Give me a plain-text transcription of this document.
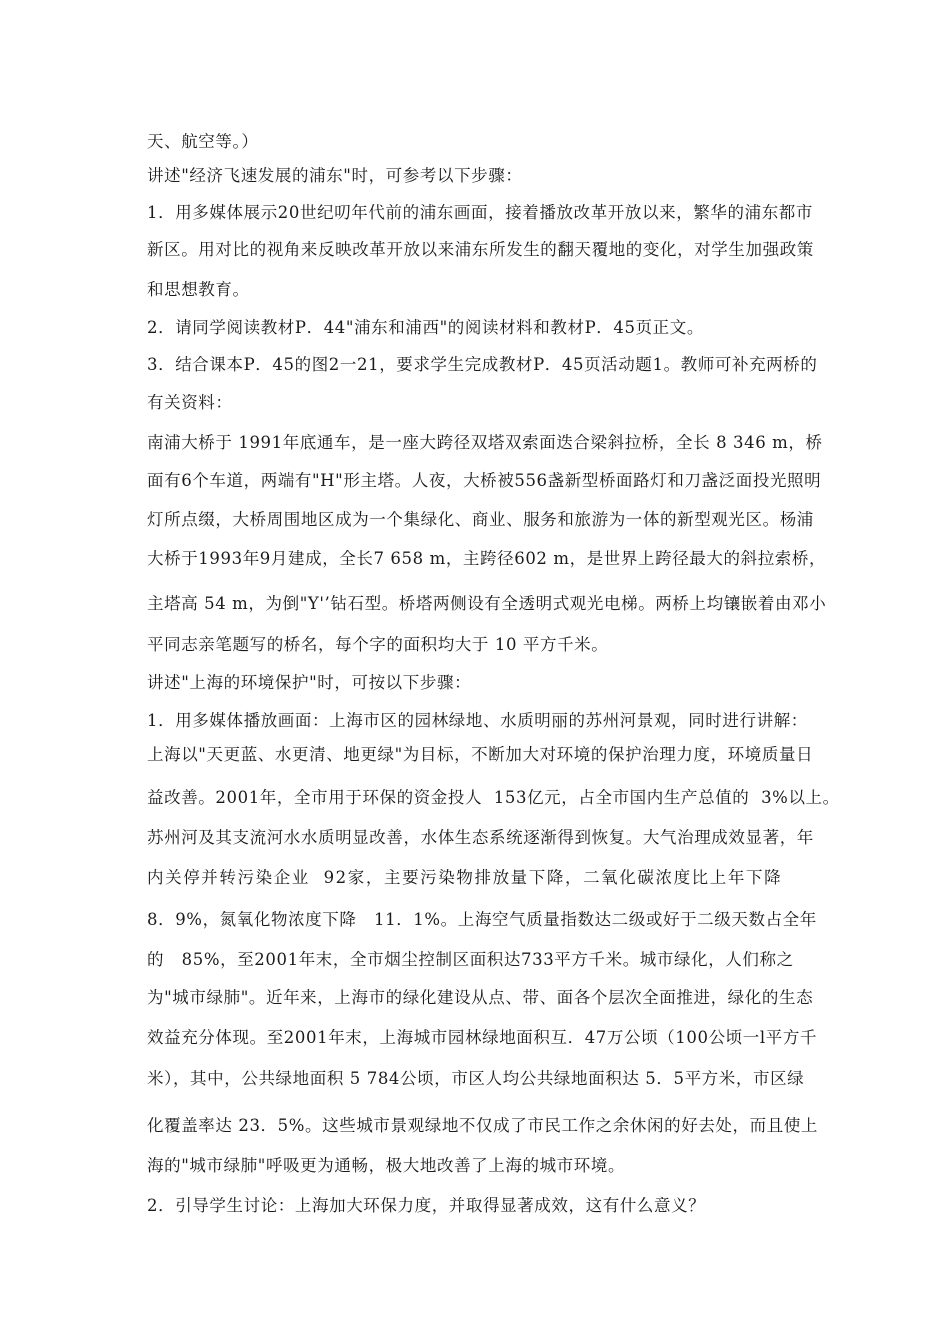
天、航空等。）
讲述"经济飞速发展的浦东"时，可参考以下步骤：
1．用多媒体展示20世纪叨年代前的浦东画面，接着播放改革开放以来，繁华的浦东都市
新区。用对比的视角来反映改革开放以来浦东所发生的翻天覆地的变化，对学生加强政策
和思想教育。
2．请同学阅读教材P．44"浦东和浦西"的阅读材料和教材P．45页正文。
3．结合课本P．45的图2一21，要求学生完成教材P．45页活动题1。教师可补充两桥的
有关资料：
南浦大桥于 1991年底通车，是一座大跨径双塔双索面迭合梁斜拉桥，全长 8 346 m，桥
面有6个车道，两端有"H"形主塔。人夜，大桥被556盏新型桥面路灯和刀盏泛面投光照明
灯所点缀，大桥周围地区成为一个集绿化、商业、服务和旅游为一体的新型观光区。杨浦
大桥于1993年9月建成，全长7 658 m，主跨径602 m，是世界上跨径最大的斜拉索桥，
主塔高 54 m，为倒"Y'’钻石型。桥塔两侧设有全透明式观光电梯。两桥上均镶嵌着由邓小
平同志亲笔题写的桥名，每个字的面积均大于 10 平方千米。
讲述"上海的环境保护"时，可按以下步骤：
1．用多媒体播放画面：上海市区的园林绿地、水质明丽的苏州河景观，同时进行讲解：
上海以"天更蓝、水更清、地更绿"为目标，不断加大对环境的保护治理力度，环境质量日
益改善。2001年，全市用于环保的资金投人  153亿元，占全市国内生产总值的  3%以上。
苏州河及其支流河水水质明显改善，水体生态系统逐渐得到恢复。大气治理成效显著，年
内关停并转污染企业  92家，主要污染物排放量下降，二氧化碳浓度比上年下降
8．9%，氮氧化物浓度下降   11．1%。上海空气质量指数达二级或好于二级天数占全年
的   85%，至2001年末，全市烟尘控制区面积达733平方千米。城市绿化，人们称之
为"城市绿肺"。近年来，上海市的绿化建设从点、带、面各个层次全面推进，绿化的生态
效益充分体现。至2001年末，上海城市园林绿地面积互．47万公顷（100公顷一l平方千
米），其中，公共绿地面积 5 784公顷，市区人均公共绿地面积达 5．5平方米，市区绿
化覆盖率达 23．5%。这些城市景观绿地不仅成了市民工作之余休闲的好去处，而且使上
海的"城市绿肺"呼吸更为通畅，极大地改善了上海的城市环境。
2．引导学生讨论：上海加大环保力度，并取得显著成效，这有什么意义？
